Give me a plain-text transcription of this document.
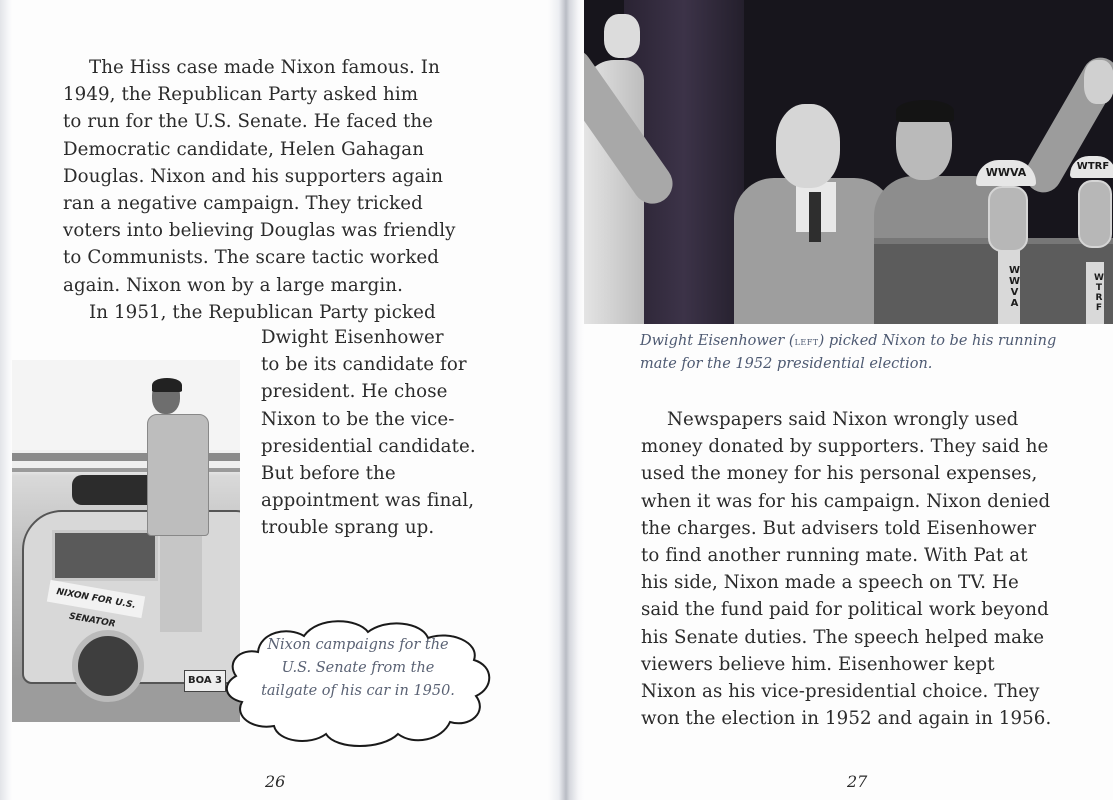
The Hiss case made Nixon famous. In
1949, the Republican Party asked him
to run for the U.S. Senate. He faced the
Democratic candidate, Helen Gahagan
Douglas. Nixon and his supporters again
ran a negative campaign. They tricked
voters into believing Douglas was friendly
to Communists. The scare tactic worked
again. Nixon won by a large margin.
In 1951, the Republican Party picked
Dwight Eisenhower
to be its candidate for
president. He chose
Nixon to be the vice-
presidential candidate.
But before the
appointment was final,
trouble sprang up.
NIXON FOR U.S. SENATOR
BOA 3
Nixon campaigns for the
U.S. Senate from the
tailgate of his car in 1950.
26
WWVA
WWVA
WTRF
WTRF
Dwight Eisenhower (left) picked Nixon to be his running
mate for the 1952 presidential election.
Newspapers said Nixon wrongly used
money donated by supporters. They said he
used the money for his personal expenses,
when it was for his campaign. Nixon denied
the charges. But advisers told Eisenhower
to find another running mate. With Pat at
his side, Nixon made a speech on TV. He
said the fund paid for political work beyond
his Senate duties. The speech helped make
viewers believe him. Eisenhower kept
Nixon as his vice-presidential choice. They
won the election in 1952 and again in 1956.
27
